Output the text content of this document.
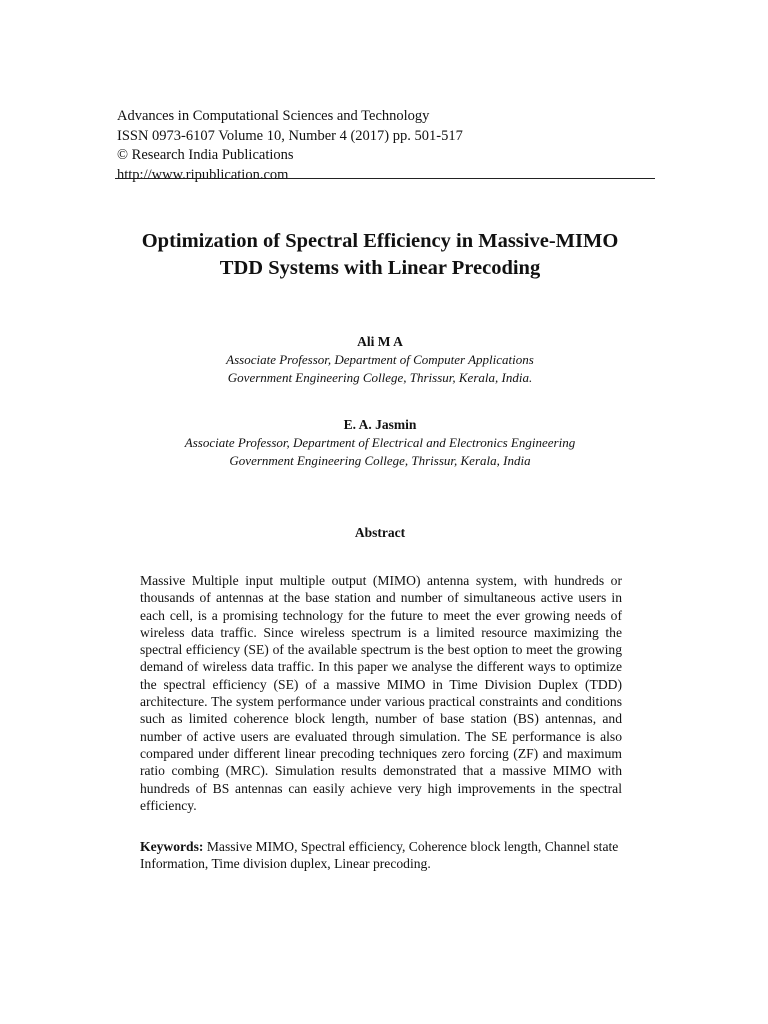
Advances in Computational Sciences and Technology
ISSN 0973-6107 Volume 10, Number 4 (2017) pp. 501-517
© Research India Publications
http://www.ripublication.com
Optimization of Spectral Efficiency in Massive-MIMO
TDD Systems with Linear Precoding
Ali M A
Associate Professor, Department of Computer Applications
Government Engineering College, Thrissur, Kerala, India.
E. A. Jasmin
Associate Professor, Department of Electrical and Electronics Engineering
Government Engineering College, Thrissur, Kerala, India
Abstract
Massive Multiple input multiple output (MIMO) antenna system, with hundreds or thousands of antennas at the base station and number of simultaneous active users in each cell, is a promising technology for the future to meet the ever growing needs of wireless data traffic. Since wireless spectrum is a limited resource maximizing the spectral efficiency (SE) of the available spectrum is the best option to meet the growing demand of wireless data traffic. In this paper we analyse the different ways to optimize the spectral efficiency (SE) of a massive MIMO in Time Division Duplex (TDD) architecture. The system performance under various practical constraints and conditions such as limited coherence block length, number of base station (BS) antennas, and number of active users are evaluated through simulation. The SE performance is also compared under different linear precoding techniques zero forcing (ZF) and maximum ratio combing (MRC). Simulation results demonstrated that a massive MIMO with hundreds of BS antennas can easily achieve very high improvements in the spectral efficiency.
Keywords: Massive MIMO, Spectral efficiency, Coherence block length, Channel state Information, Time division duplex, Linear precoding.
